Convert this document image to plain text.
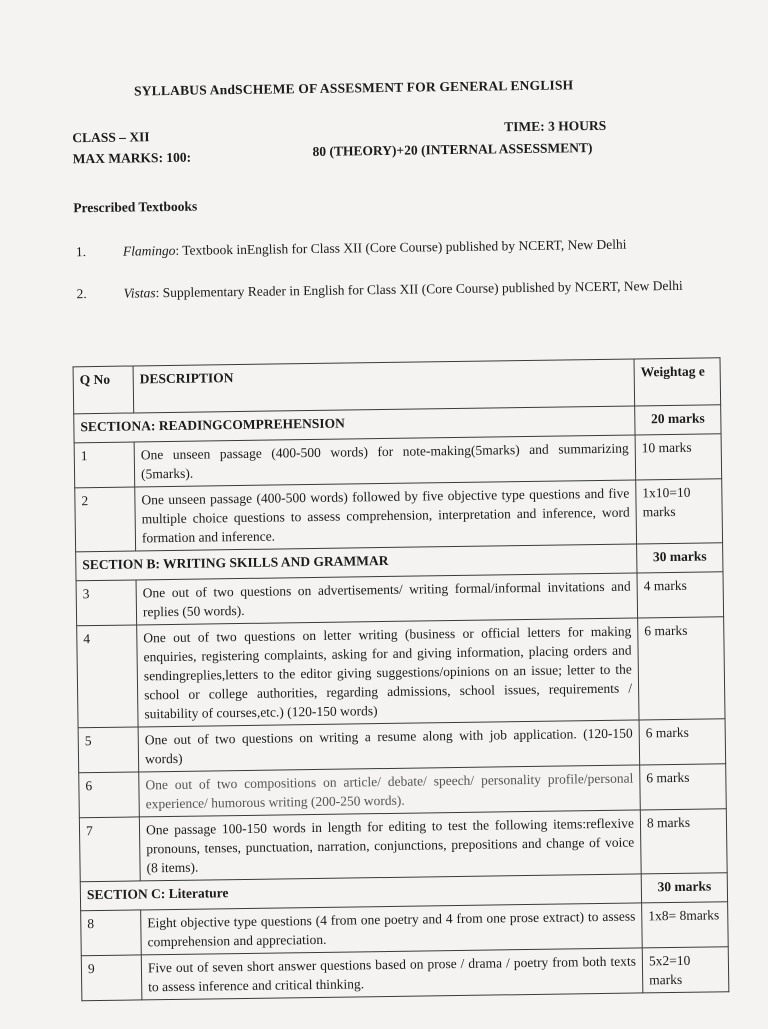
SYLLABUS AndSCHEME OF ASSESMENT FOR GENERAL ENGLISH
CLASS – XII
TIME: 3 HOURS
MAX MARKS: 100:	80 (THEORY)+20 (INTERNAL ASSESSMENT)
Prescribed Textbooks
1.	Flamingo: Textbook inEnglish for Class XII (Core Course) published by NCERT, New Delhi
2.	Vistas: Supplementary Reader in English for Class XII (Core Course) published by NCERT, New Delhi
Q No	DESCRIPTION	Weightag e
SECTIONA: READINGCOMPREHENSION		20 marks
1	One unseen passage (400-500 words) for note-making(5marks) and summarizing (5marks).	10 marks
2	One unseen passage (400-500 words) followed by five objective type questions and five multiple choice questions to assess comprehension, interpretation and inference, word formation and inference.	1x10=10 marks
SECTION B: WRITING SKILLS AND GRAMMAR		30 marks
3	One out of two questions on advertisements/ writing formal/informal invitations and replies (50 words).	4 marks
4	One out of two questions on letter writing (business or official letters for making enquiries, registering complaints, asking for and giving information, placing orders and sendingreplies,letters to the editor giving suggestions/opinions on an issue; letter to the school or college authorities, regarding admissions, school issues, requirements / suitability of courses,etc.) (120-150 words)	6 marks
5	One out of two questions on writing a resume along with job application. (120-150 words)	6 marks
6	One out of two compositions on article/ debate/ speech/ personality profile/personal experience/ humorous writing (200-250 words).	6 marks
7	One passage 100-150 words in length for editing to test the following items:reflexive pronouns, tenses, punctuation, narration, conjunctions, prepositions and change of voice (8 items).	8 marks
SECTION C: Literature		30 marks
8	Eight objective type questions (4 from one poetry and 4 from one prose extract) to assess comprehension and appreciation.	1x8= 8marks
9	Five out of seven short answer questions based on prose / drama / poetry from both texts to assess inference and critical thinking.	5x2=10 marks
